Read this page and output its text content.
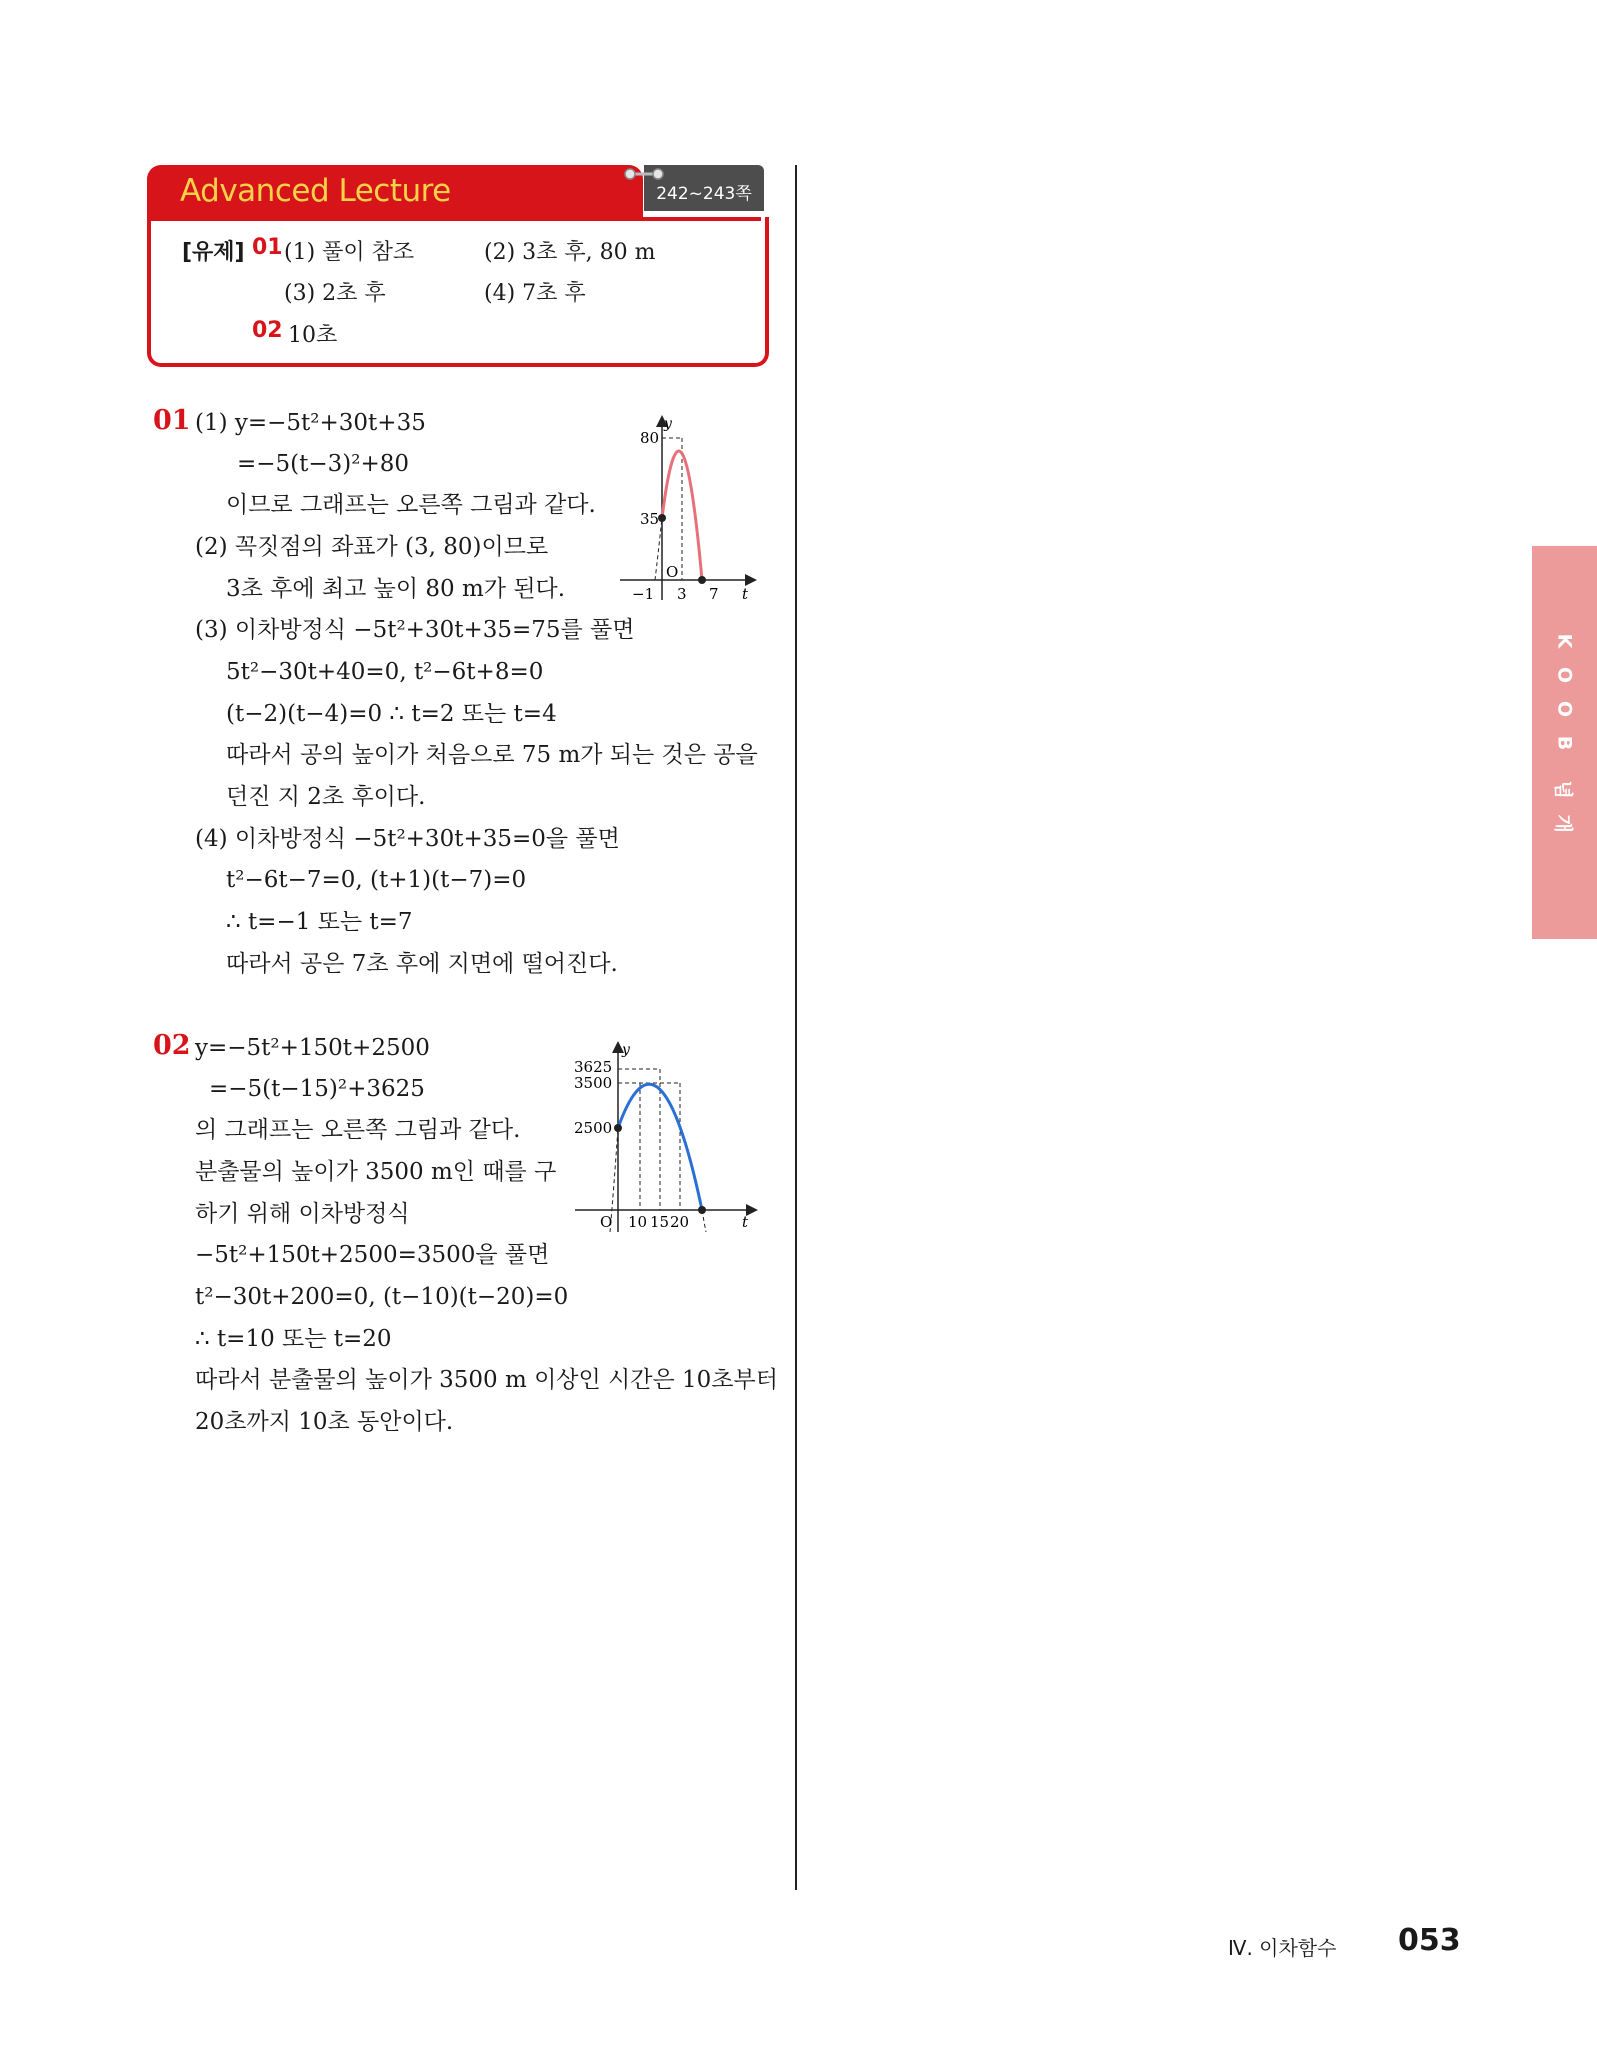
Advanced Lecture	242~243쪽
[유제] 01 (1) 풀이 참조	(2) 3초 후, 80 m
(3) 2초 후	(4) 7초 후
02 10초
01 (1) y=−5t²+30t+35
=−5(t−3)²+80
이므로 그래프는 오른쪽 그림과 같다.
(2) 꼭짓점의 좌표가 (3, 80)이므로
3초 후에 최고 높이 80 m가 된다.
(3) 이차방정식 −5t²+30t+35=75를 풀면
5t²−30t+40=0, t²−6t+8=0
(t−2)(t−4)=0 ∴ t=2 또는 t=4
따라서 공의 높이가 처음으로 75 m가 되는 것은 공을
던진 지 2초 후이다.
(4) 이차방정식 −5t²+30t+35=0을 풀면
t²−6t−7=0, (t+1)(t−7)=0
∴ t=−1 또는 t=7
따라서 공은 7초 후에 지면에 떨어진다.
y
80
35
O
−1 3 7 t
02 y=−5t²+150t+2500
=−5(t−15)²+3625
의 그래프는 오른쪽 그림과 같다.
분출물의 높이가 3500 m인 때를 구
하기 위해 이차방정식
−5t²+150t+2500=3500을 풀면
t²−30t+200=0, (t−10)(t−20)=0
∴ t=10 또는 t=20
따라서 분출물의 높이가 3500 m 이상인 시간은 10초부터
20초까지 10초 동안이다.
y
3625
3500
2500
O 10 15 20	t
K
O
O
B
념
개
Ⅳ. 이차함수 053
